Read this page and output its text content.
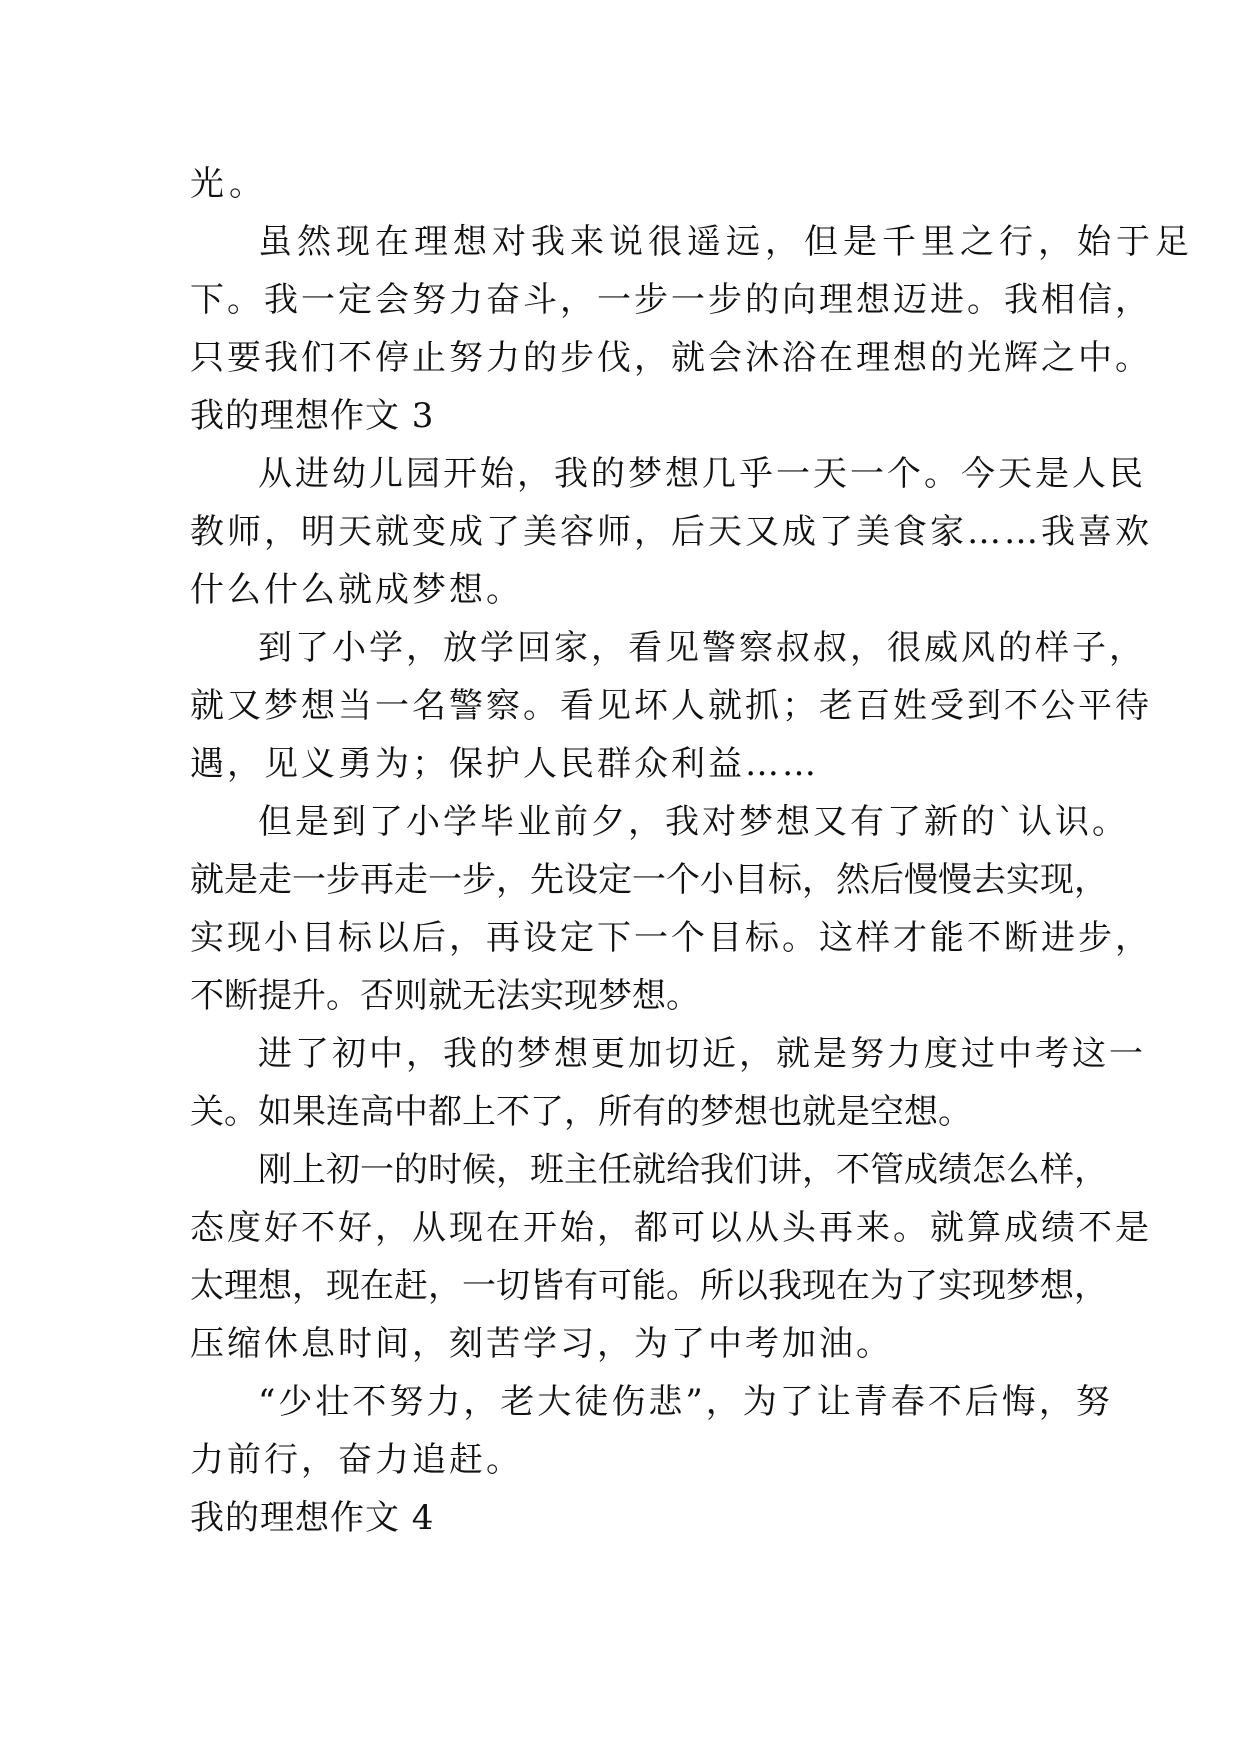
光。
虽然现在理想对我来说很遥远，但是千里之行，始于足
下。我一定会努力奋斗，一步一步的向理想迈进。我相信，
只要我们不停止努力的步伐，就会沐浴在理想的光辉之中。
我的理想作文 3
从进幼儿园开始，我的梦想几乎一天一个。今天是人民
教师，明天就变成了美容师，后天又成了美食家……我喜欢
什么什么就成梦想。
到了小学，放学回家，看见警察叔叔，很威风的样子，
就又梦想当一名警察。看见坏人就抓；老百姓受到不公平待
遇，见义勇为；保护人民群众利益……
但是到了小学毕业前夕，我对梦想又有了新的`认识。
就是走一步再走一步，先设定一个小目标，然后慢慢去实现，
实现小目标以后，再设定下一个目标。这样才能不断进步，
不断提升。否则就无法实现梦想。
进了初中，我的梦想更加切近，就是努力度过中考这一
关。如果连高中都上不了，所有的梦想也就是空想。
刚上初一的时候，班主任就给我们讲，不管成绩怎么样，
态度好不好，从现在开始，都可以从头再来。就算成绩不是
太理想，现在赶，一切皆有可能。所以我现在为了实现梦想，
压缩休息时间，刻苦学习，为了中考加油。
“少壮不努力，老大徒伤悲”，为了让青春不后悔，努
力前行，奋力追赶。
我的理想作文 4
